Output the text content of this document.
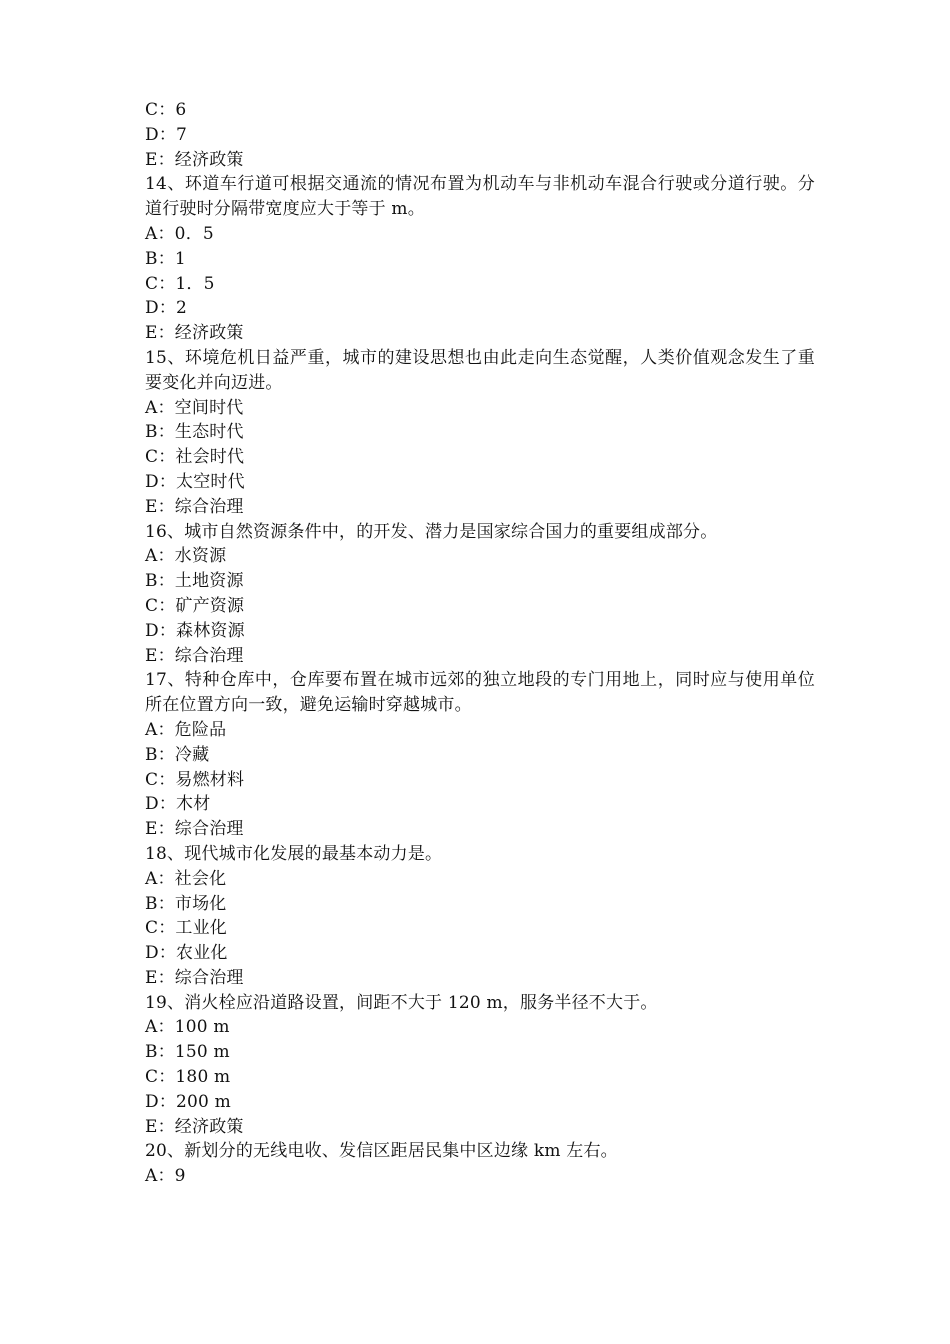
C：6
D：7
E：经济政策
14、环道车行道可根据交通流的情况布置为机动车与非机动车混合行驶或分道行驶。分道行驶时分隔带宽度应大于等于 m。
A：0．5
B：1
C：1．5
D：2
E：经济政策
15、环境危机日益严重，城市的建设思想也由此走向生态觉醒，人类价值观念发生了重要变化并向迈进。
A：空间时代
B：生态时代
C：社会时代
D：太空时代
E：综合治理
16、城市自然资源条件中，的开发、潜力是国家综合国力的重要组成部分。
A：水资源
B：土地资源
C：矿产资源
D：森林资源
E：综合治理
17、特种仓库中，仓库要布置在城市远郊的独立地段的专门用地上，同时应与使用单位所在位置方向一致，避免运输时穿越城市。
A：危险品
B：冷藏
C：易燃材料
D：木材
E：综合治理
18、现代城市化发展的最基本动力是。
A：社会化
B：市场化
C：工业化
D：农业化
E：综合治理
19、消火栓应沿道路设置，间距不大于 120 m，服务半径不大于。
A：100 m
B：150 m
C：180 m
D：200 m
E：经济政策
20、新划分的无线电收、发信区距居民集中区边缘 km 左右。
A：9
